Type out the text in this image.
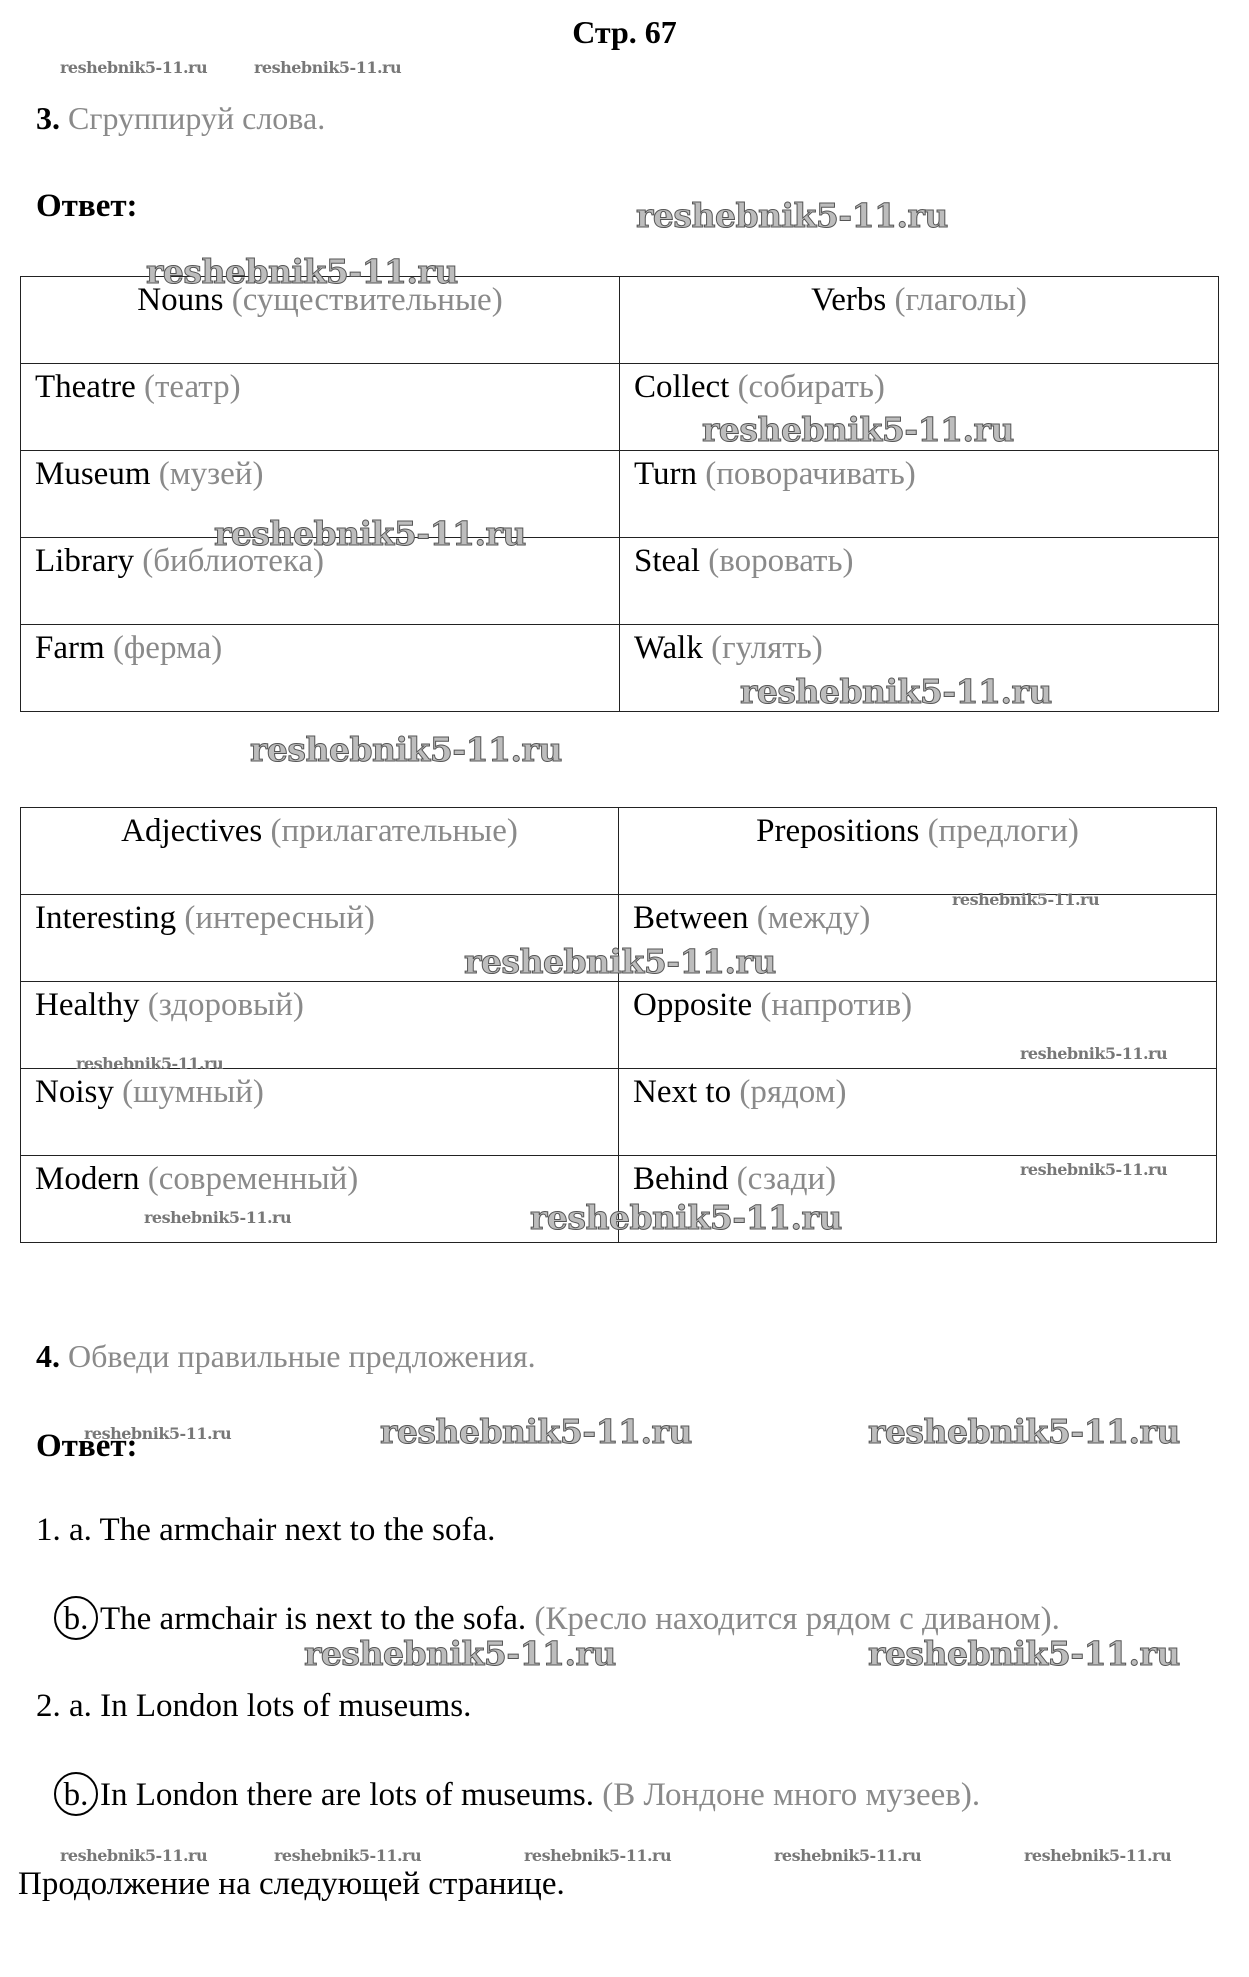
Стр. 67
3. Сгруппируй слова.
Ответ:
Nouns (существительные)	Verbs (глаголы)
Theatre (театр)	Collect (собирать)
Museum (музей)	Turn (поворачивать)
Library (библиотека)	Steal (воровать)
Farm (ферма)	Walk (гулять)
Adjectives (прилагательные)	Prepositions (предлоги)
Interesting (интересный)	Between (между)
Healthy (здоровый)	Opposite (напротив)
Noisy (шумный)	Next to (рядом)
Modern (современный)	Behind (сзади)
4. Обведи правильные предложения.
Ответ:
1. a. The armchair next to the sofa.
b. The armchair is next to the sofa. (Кресло находится рядом с диваном).
2. a. In London lots of museums.
b. In London there are lots of museums. (В Лондоне много музеев).
Продолжение на следующей странице.
reshebnik5-11.ru	reshebnik5-11.ru
reshebnik5-11.ru
reshebnik5-11.ru
reshebnik5-11.ru
reshebnik5-11.ru
reshebnik5-11.ru
reshebnik5-11.ru
reshebnik5-11.ru
reshebnik5-11.ru
reshebnik5-11.ru
reshebnik5-11.ru
reshebnik5-11.ru
reshebnik5-11.ru	reshebnik5-11.ru
reshebnik5-11.ru	reshebnik5-11.ru	reshebnik5-11.ru
reshebnik5-11.ru	reshebnik5-11.ru
reshebnik5-11.ru	reshebnik5-11.ru	reshebnik5-11.ru	reshebnik5-11.ru	reshebnik5-11.ru
